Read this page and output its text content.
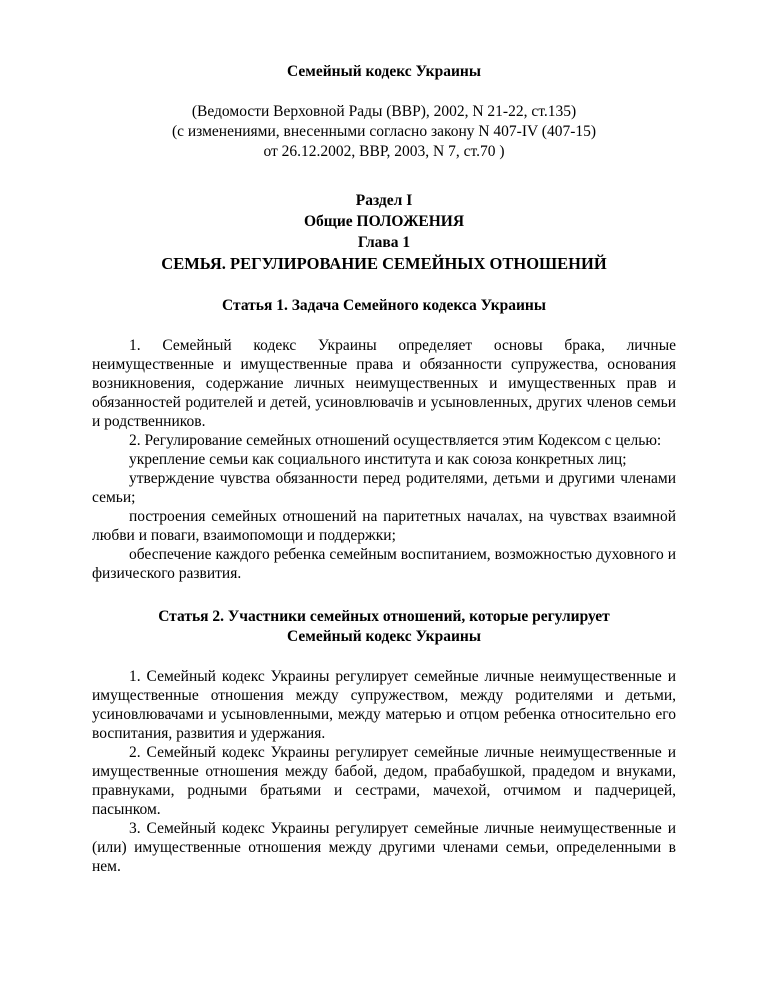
Семейный кодекс Украины
(Ведомости Верховной Рады (ВВР), 2002, N 21-22, ст.135)
(с изменениями, внесенными согласно закону N 407-IV (407-15)
от 26.12.2002, ВВР, 2003, N 7, ст.70 )
Раздел I
Общие ПОЛОЖЕНИЯ
Глава 1
СЕМЬЯ. РЕГУЛИРОВАНИЕ СЕМЕЙНЫХ ОТНОШЕНИЙ
Статья 1. Задача Семейного кодекса Украины

1. Семейный кодекс Украины определяет основы брака, личные неимущественные и имущественные права и обязанности супружества, основания возникновения, содержание личных неимущественных и имущественных прав и обязанностей родителей и детей, усиновлювачів и усыновленных, других членов семьи и родственников.

2. Регулирование семейных отношений осуществляется этим Кодексом с целью:

укрепление семьи как социального института и как союза конкретных лиц;

утверждение чувства обязанности перед родителями, детьми и другими членами семьи;

построения семейных отношений на паритетных началах, на чувствах взаимной любви и поваги, взаимопомощи и поддержки;

обеспечение каждого ребенка семейным воспитанием, возможностью духовного и физического развития.

Статья 2. Участники семейных отношений, которые регулирует
Семейный кодекс Украины

1. Семейный кодекс Украины регулирует семейные личные неимущественные и имущественные отношения между супружеством, между родителями и детьми, усиновлювачами и усыновленными, между матерью и отцом ребенка относительно его воспитания, развития и удержания.

2. Семейный кодекс Украины регулирует семейные личные неимущественные и имущественные отношения между бабой, дедом, прабабушкой, прадедом и внуками, правнуками, родными братьями и сестрами, мачехой, отчимом и падчерицей, пасынком.

3. Семейный кодекс Украины регулирует семейные личные неимущественные и (или) имущественные отношения между другими членами семьи, определенными в нем.
